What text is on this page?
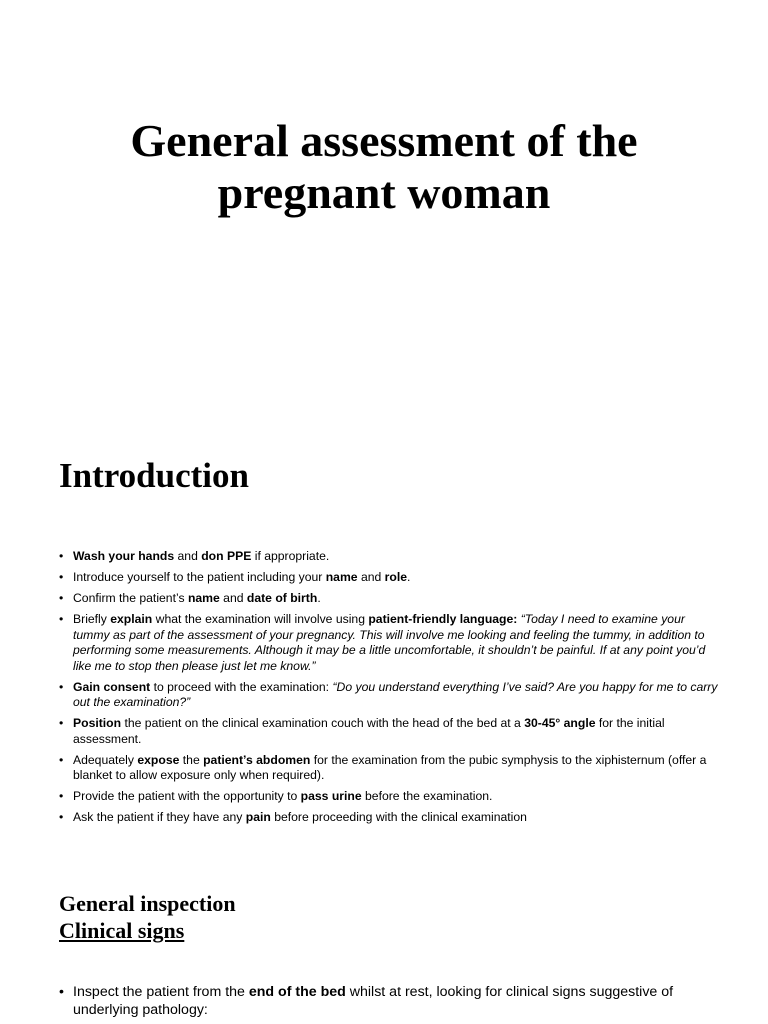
General assessment of the
pregnant woman
Introduction
• Wash your hands and don PPE if appropriate.
• Introduce yourself to the patient including your name and role.
• Confirm the patient’s name and date of birth.
• Briefly explain what the examination will involve using patient-friendly language: “Today I need to examine your tummy as part of the assessment of your pregnancy. This will involve me looking and feeling the tummy, in addition to performing some measurements. Although it may be a little uncomfortable, it shouldn’t be painful. If at any point you’d like me to stop then please just let me know.”
• Gain consent to proceed with the examination: “Do you understand everything I’ve said? Are you happy for me to carry out the examination?”
• Position the patient on the clinical examination couch with the head of the bed at a 30-45° angle for the initial assessment.
• Adequately expose the patient’s abdomen for the examination from the pubic symphysis to the xiphisternum (offer a blanket to allow exposure only when required).
• Provide the patient with the opportunity to pass urine before the examination.
• Ask the patient if they have any pain before proceeding with the clinical examination
General inspection
Clinical signs
• Inspect the patient from the end of the bed whilst at rest, looking for clinical signs suggestive of underlying pathology:
